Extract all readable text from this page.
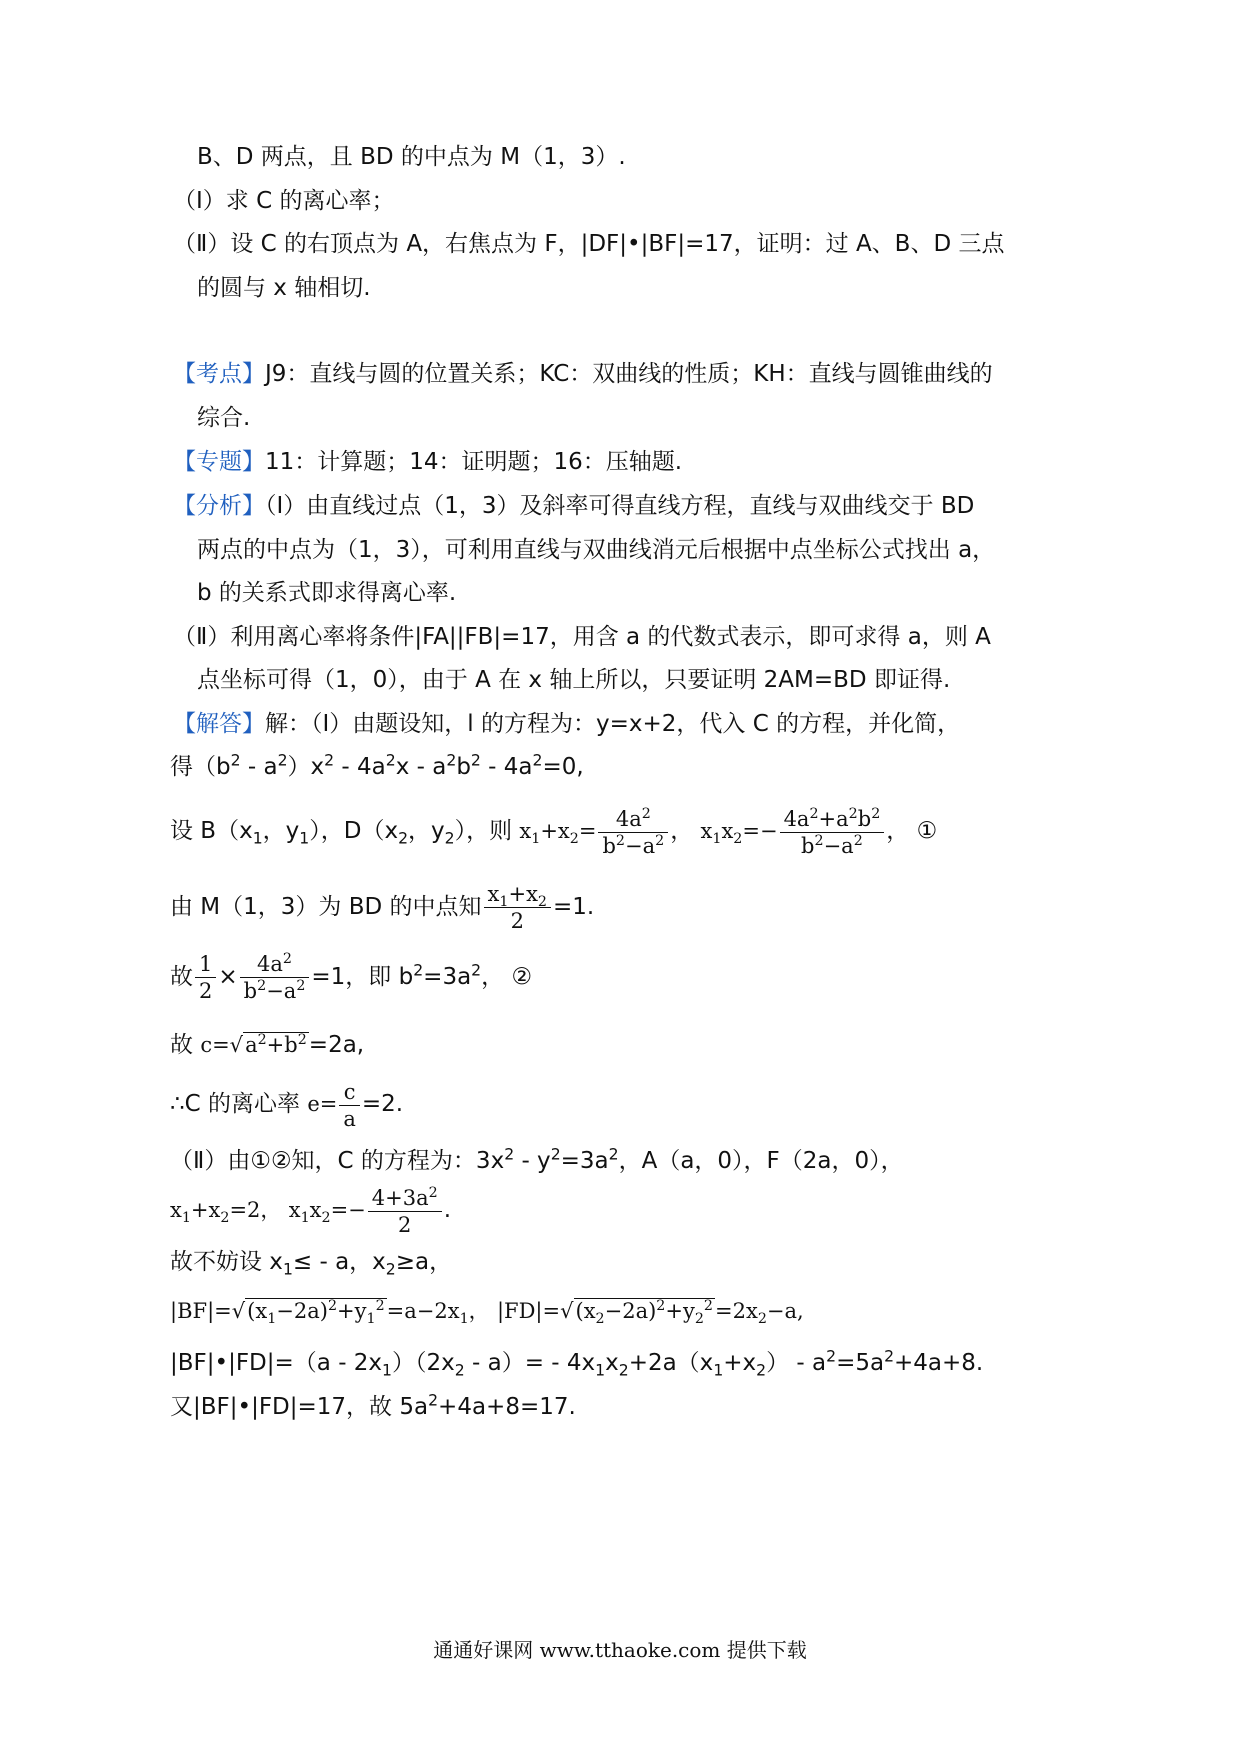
B、D 两点，且 BD 的中点为 M（1，3）.
（Ⅰ）求 C 的离心率；
（Ⅱ）设 C 的右顶点为 A，右焦点为 F，|DF|•|BF|=17，证明：过 A、B、D 三点
的圆与 x 轴相切.
【考点】J9：直线与圆的位置关系；KC：双曲线的性质；KH：直线与圆锥曲线的
综合.
【专题】11：计算题；14：证明题；16：压轴题.
【分析】（Ⅰ）由直线过点（1，3）及斜率可得直线方程，直线与双曲线交于 BD
两点的中点为（1，3），可利用直线与双曲线消元后根据中点坐标公式找出 a，
b 的关系式即求得离心率.
（Ⅱ）利用离心率将条件|FA||FB|=17，用含 a 的代数式表示，即可求得 a，则 A
点坐标可得（1，0），由于 A 在 x 轴上所以，只要证明 2AM=BD 即证得.
【解答】解：（Ⅰ）由题设知，l 的方程为：y=x+2，代入 C 的方程，并化简，
得$(b^2 - a^2)x^2 - 4a^2x - a^2b^2 - 4a^2=0$,
设 $B(x_1$，$y_1$），$D(x_2$，$y_2$），则 $x_1+x_2= \frac{4a^2}{b^2-a^2}$ ， $x_1x_2=- \frac{4a^2+a^2b^2}{b^2-a^2}$ ， ①
由 M（1，3）为 BD 的中点知 $\frac{x_1+x_2}{2} =1$.
故 $\frac{1}{2} \times \frac{4a^2}{b^2-a^2} =1$，即 $b^2=3a^2$， ②
故 $c=√a^2+b^2=2a$,
∴C 的离心率 $e= \frac{c}{a} =2$.
（Ⅱ）由①②知，C 的方程为：$3x^2 - y^2=3a^2$，A（a，0），F（2a，0），
$x_1+x_2=2$， $x_1x_2=- \frac{4+3a^2}{2}$ .
故不妨设 $x_1\le - a$，$x_2\ge a$，
$|BF|=√(x_1-2a)^2+y_1^2=a-2x_1$， $|FD|=√(x_2-2a)^2+y_2^2=2x_2-a$,
|BF|•|FD|=（a - $2x_1)(2x_2 - a)= - 4x_1x_2+2a(x_1+x_2) - a^2=5a^2+4a+8$.
又|BF|•|FD|=17，故 $5a^2+4a+8=17$.
通通好课网 www.tthaoke.com 提供下载
